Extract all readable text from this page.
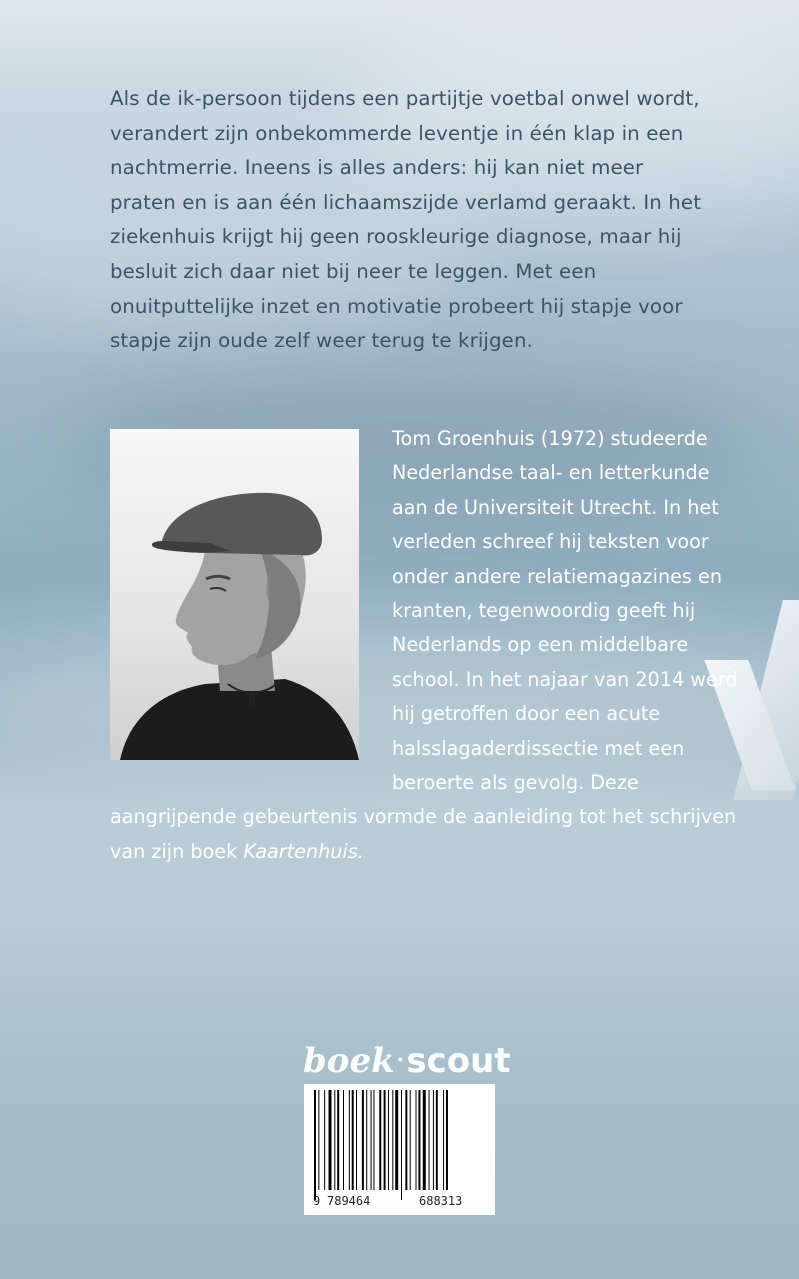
Als de ik-persoon tijdens een partijtje voetbal onwel wordt, verandert zijn onbekommerde leventje in één klap in een nachtmerrie. Ineens is alles anders: hij kan niet meer praten en is aan één lichaamszijde verlamd geraakt. In het ziekenhuis krijgt hij geen rooskleurige diagnose, maar hij besluit zich daar niet bij neer te leggen. Met een onuitputtelijke inzet en motivatie probeert hij stapje voor stapje zijn oude zelf weer terug te krijgen.

Tom Groenhuis (1972) studeerde Nederlandse taal- en letterkunde aan de Universiteit Utrecht. In het verleden schreef hij teksten voor onder andere relatiemagazines en kranten, tegenwoordig geeft hij Nederlands op een middelbare school. In het najaar van 2014 werd hij getroffen door een acute halsslagaderdissectie met een beroerte als gevolg. Deze aangrijpende gebeurtenis vormde de aanleiding tot het schrijven van zijn boek Kaartenhuis.

boek·scout
9 789464	688313
